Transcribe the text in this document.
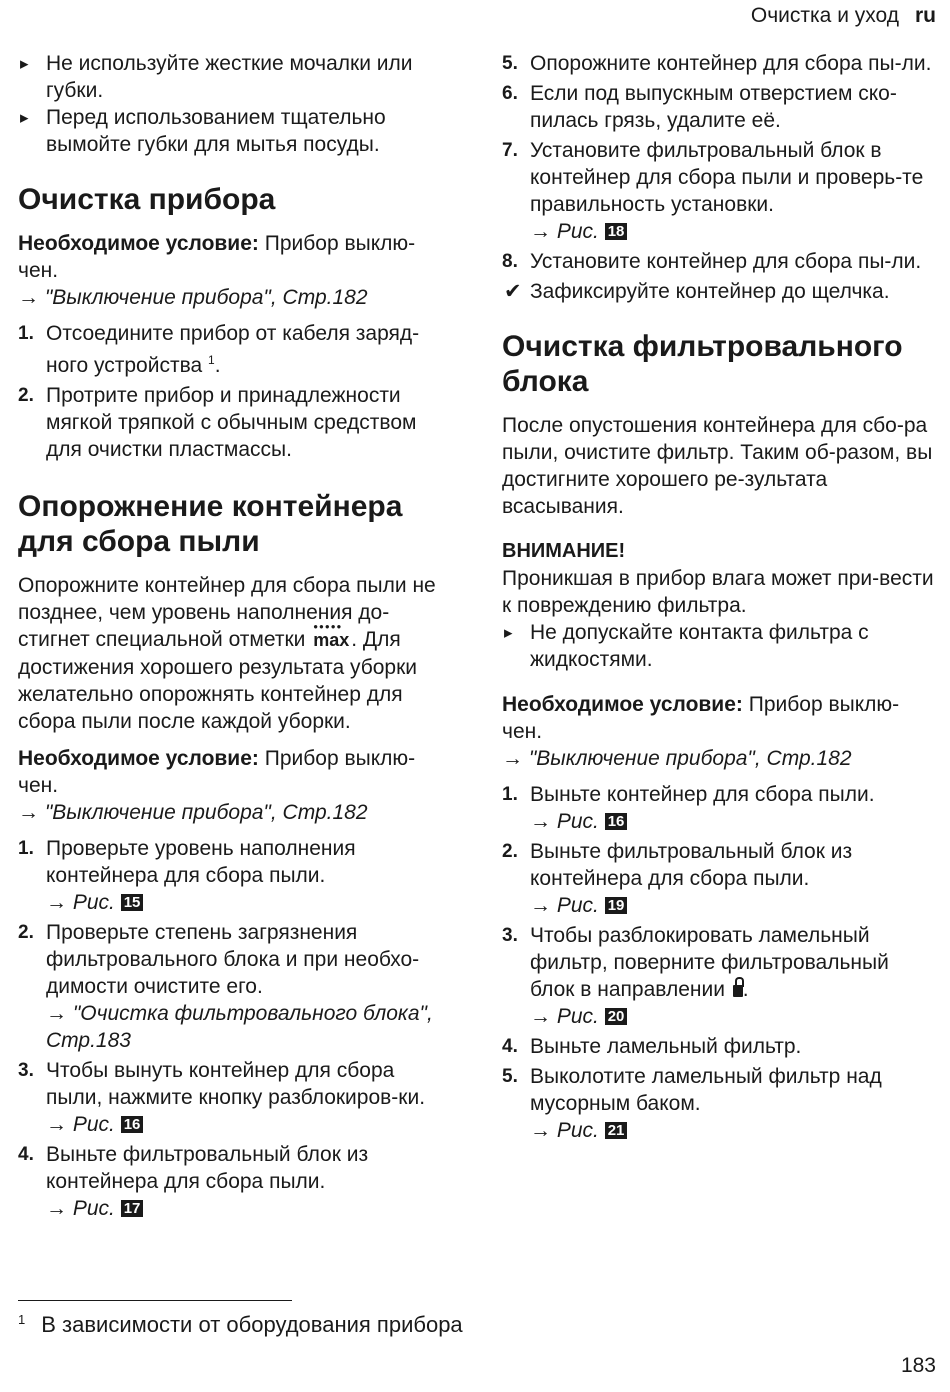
Очистка и уход ru

▸ Не используйте жесткие мочалки или губки.

▸ Перед использованием тщательно вымойте губки для мытья посуды.

Очистка прибора

Необходимое условие: Прибор выклю-чен.

→ "Выключение прибора", Стр.182

1. Отсоедините прибор от кабеля заряд-ного устройства $^1$.

2. Протрите прибор и принадлежности мягкой тряпкой с обычным средством для очистки пластмассы.

Опорожнение контейнера для сбора пыли

Опорожните контейнер для сбора пыли не позднее, чем уровень наполнения до-стигнет специальной отметки
●●●●●
max. Для достижения хорошего результата уборки желательно опорожнять контейнер для сбора пыли после каждой уборки.

Необходимое условие: Прибор выклю-чен.

→ "Выключение прибора", Стр.182

1. Проверьте уровень наполнения контейнера для сбора пыли.

→ Рис. 15

2. Проверьте степень загрязнения фильтровального блока и при необхо-димости очистите его.

→ "Очистка фильтровального блока", Стр.183

3. Чтобы вынуть контейнер для сбора пыли, нажмите кнопку разблокиров-ки.

→ Рис. 16

4. Выньте фильтровальный блок из контейнера для сбора пыли.

→ Рис. 17

5. Опорожните контейнер для сбора пы-ли.

6. Если под выпускным отверстием ско-пилась грязь, удалите её.

7. Установите фильтровальный блок в контейнер для сбора пыли и проверь-те правильность установки.

→ Рис. 18

8. Установите контейнер для сбора пы-ли.

✔ Зафиксируйте контейнер до щелчка.

Очистка фильтровального блока

После опустошения контейнера для сбо-ра пыли, очистите фильтр. Таким об-разом, вы достигните хорошего ре-зультата всасывания.

ВНИМАНИЕ!

Проникшая в прибор влага может при-вести к повреждению фильтра.

▸ Не допускайте контакта фильтра с жидкостями.

Необходимое условие: Прибор выклю-чен.

→ "Выключение прибора", Стр.182

1. Выньте контейнер для сбора пыли.

→ Рис. 16

2. Выньте фильтровальный блок из контейнера для сбора пыли.

→ Рис. 19

3. Чтобы разблокировать ламельный фильтр, поверните фильтровальный блок в направлении .

→ Рис. 20

4. Выньте ламельный фильтр.

5. Выколотите ламельный фильтр над мусорным баком.

→ Рис. 21

$^1$ В зависимости от оборудования прибора
183
